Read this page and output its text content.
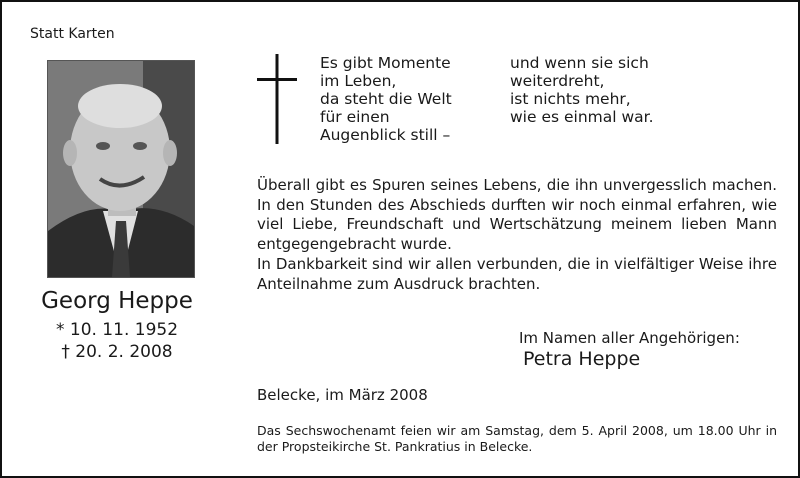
Statt Karten
Georg Heppe
* 10. 11. 1952
† 20. 2. 2008
Es gibt Momente
im Leben,
da steht die Welt
für einen
Augenblick still –
und wenn sie sich
weiterdreht,
ist nichts mehr,
wie es einmal war.

Überall gibt es Spuren seines Lebens, die ihn unvergesslich machen. In den Stunden des Abschieds durften wir noch einmal erfahren, wie viel Liebe, Freundschaft und Wertschätzung meinem lieben Mann entgegengebracht wurde.

In Dankbarkeit sind wir allen verbunden, die in vielfältiger Weise ihre Anteilnahme zum Ausdruck brachten.

Im Namen aller Angehörigen:
Petra Heppe
Belecke, im März 2008

Das Sechswochenamt feien wir am Samstag, dem 5. April 2008, um 18.00 Uhr in der Propsteikirche St. Pankratius in Belecke.
